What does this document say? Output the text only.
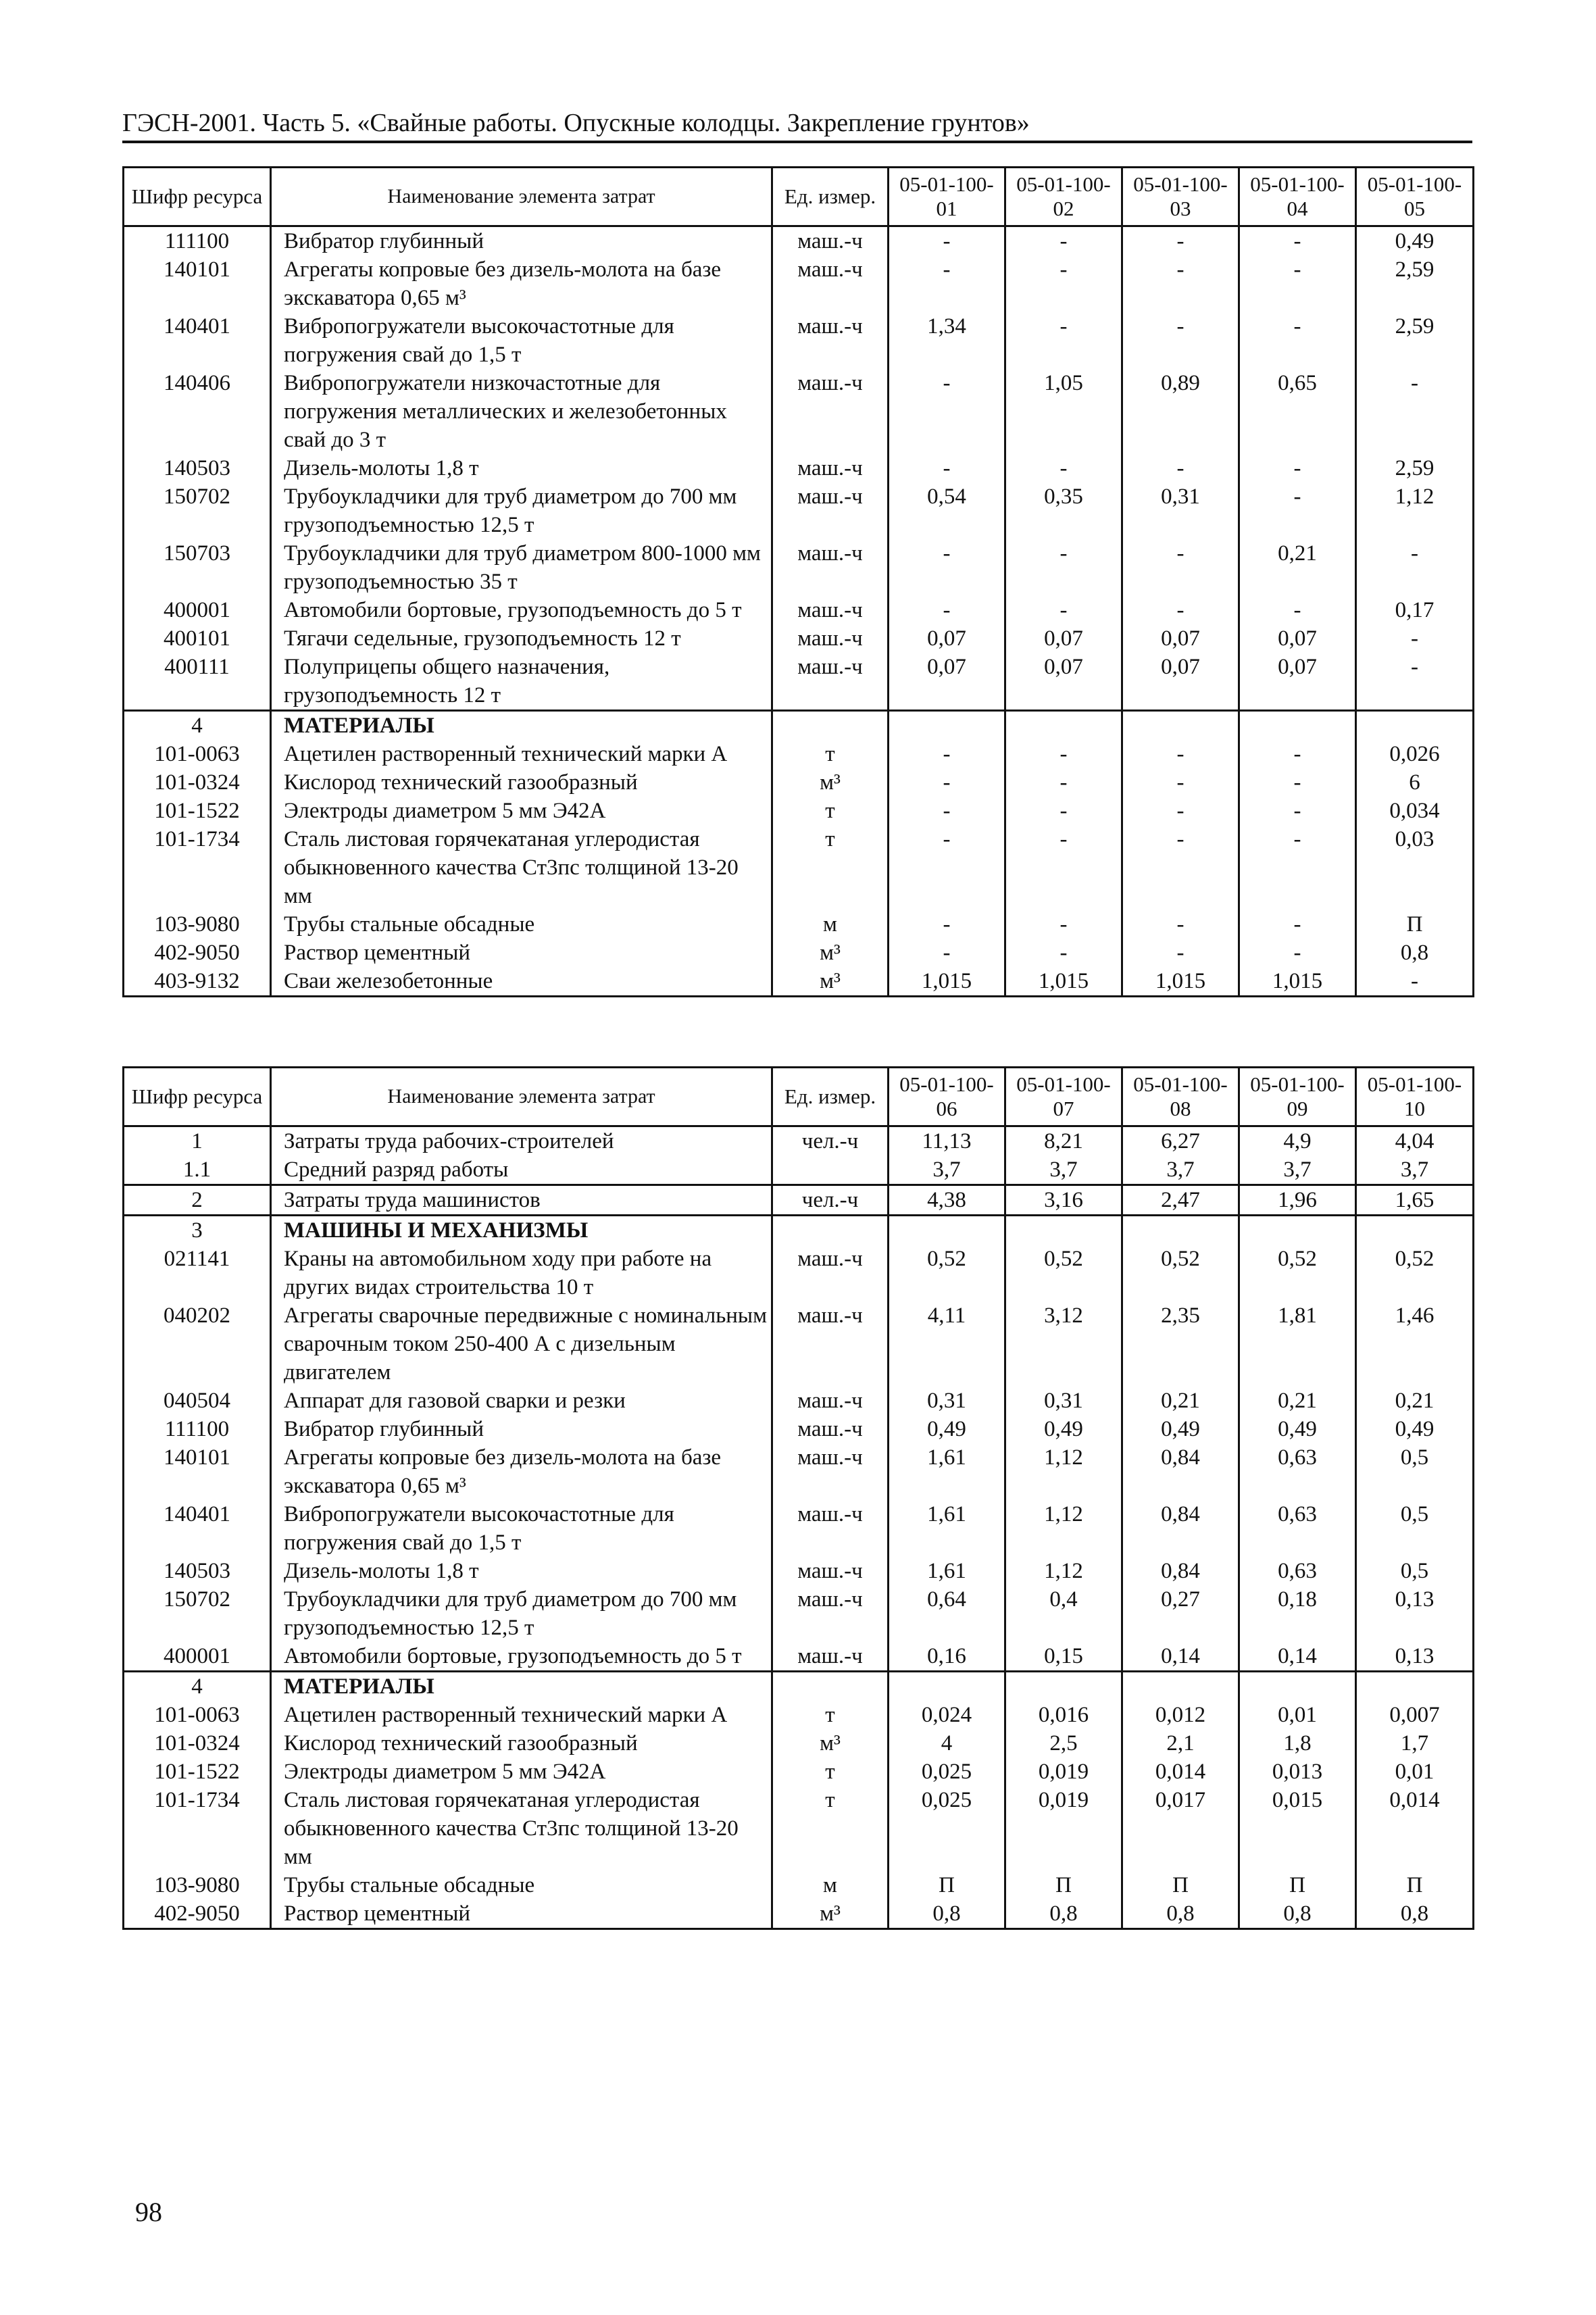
ГЭСН-2001. Часть 5. «Свайные работы. Опускные колодцы. Закрепление грунтов»
Шифр ресурса	Наименование элемента затрат	Ед. измер.	05-01-100-01	05-01-100-02	05-01-100-03	05-01-100-04	05-01-100-05
111100	Вибратор глубинный	маш.-ч	-	-	-	-	0,49
140101	Агрегаты копровые без дизель-молота на базе экскаватора 0,65 м³	маш.-ч	-	-	-	-	2,59
140401	Вибропогружатели высокочастотные для погружения свай до 1,5 т	маш.-ч	1,34	-	-	-	2,59
140406	Вибропогружатели низкочастотные для погружения металлических и железобетонных свай до 3 т	маш.-ч	-	1,05	0,89	0,65	-
140503	Дизель-молоты 1,8 т	маш.-ч	-	-	-	-	2,59
150702	Трубоукладчики для труб диаметром до 700 мм грузоподъемностью 12,5 т	маш.-ч	0,54	0,35	0,31	-	1,12
150703	Трубоукладчики для труб диаметром 800-1000 мм грузоподъемностью 35 т	маш.-ч	-	-	-	0,21	-
400001	Автомобили бортовые, грузоподъемность до 5 т	маш.-ч	-	-	-	-	0,17
400101	Тягачи седельные, грузоподъемность 12 т	маш.-ч	0,07	0,07	0,07	0,07	-
400111	Полуприцепы общего назначения, грузоподъемность 12 т	маш.-ч	0,07	0,07	0,07	0,07	-
4	МАТЕРИАЛЫ						
101-0063	Ацетилен растворенный технический марки А	т	-	-	-	-	0,026
101-0324	Кислород технический газообразный	м³	-	-	-	-	6
101-1522	Электроды диаметром 5 мм Э42А	т	-	-	-	-	0,034
101-1734	Сталь листовая горячекатаная углеродистая обыкновенного качества Ст3пс толщиной 13-20 мм	т	-	-	-	-	0,03
103-9080	Трубы стальные обсадные	м	-	-	-	-	П
402-9050	Раствор цементный	м³	-	-	-	-	0,8
403-9132	Сваи железобетонные	м³	1,015	1,015	1,015	1,015	-
Шифр ресурса	Наименование элемента затрат	Ед. измер.	05-01-100-06	05-01-100-07	05-01-100-08	05-01-100-09	05-01-100-10
1	Затраты труда рабочих-строителей	чел.-ч	11,13	8,21	6,27	4,9	4,04
1.1	Средний разряд работы		3,7	3,7	3,7	3,7	3,7
2	Затраты труда машинистов	чел.-ч	4,38	3,16	2,47	1,96	1,65
3	МАШИНЫ И МЕХАНИЗМЫ						
021141	Краны на автомобильном ходу при работе на других видах строительства 10 т	маш.-ч	0,52	0,52	0,52	0,52	0,52
040202	Агрегаты сварочные передвижные с номинальным сварочным током 250-400 А с дизельным двигателем	маш.-ч	4,11	3,12	2,35	1,81	1,46
040504	Аппарат для газовой сварки и резки	маш.-ч	0,31	0,31	0,21	0,21	0,21
111100	Вибратор глубинный	маш.-ч	0,49	0,49	0,49	0,49	0,49
140101	Агрегаты копровые без дизель-молота на базе экскаватора 0,65 м³	маш.-ч	1,61	1,12	0,84	0,63	0,5
140401	Вибропогружатели высокочастотные для погружения свай до 1,5 т	маш.-ч	1,61	1,12	0,84	0,63	0,5
140503	Дизель-молоты 1,8 т	маш.-ч	1,61	1,12	0,84	0,63	0,5
150702	Трубоукладчики для труб диаметром до 700 мм грузоподъемностью 12,5 т	маш.-ч	0,64	0,4	0,27	0,18	0,13
400001	Автомобили бортовые, грузоподъемность до 5 т	маш.-ч	0,16	0,15	0,14	0,14	0,13
4	МАТЕРИАЛЫ						
101-0063	Ацетилен растворенный технический марки А	т	0,024	0,016	0,012	0,01	0,007
101-0324	Кислород технический газообразный	м³	4	2,5	2,1	1,8	1,7
101-1522	Электроды диаметром 5 мм Э42А	т	0,025	0,019	0,014	0,013	0,01
101-1734	Сталь листовая горячекатаная углеродистая обыкновенного качества Ст3пс толщиной 13-20 мм	т	0,025	0,019	0,017	0,015	0,014
103-9080	Трубы стальные обсадные	м	П	П	П	П	П
402-9050	Раствор цементный	м³	0,8	0,8	0,8	0,8	0,8
98
